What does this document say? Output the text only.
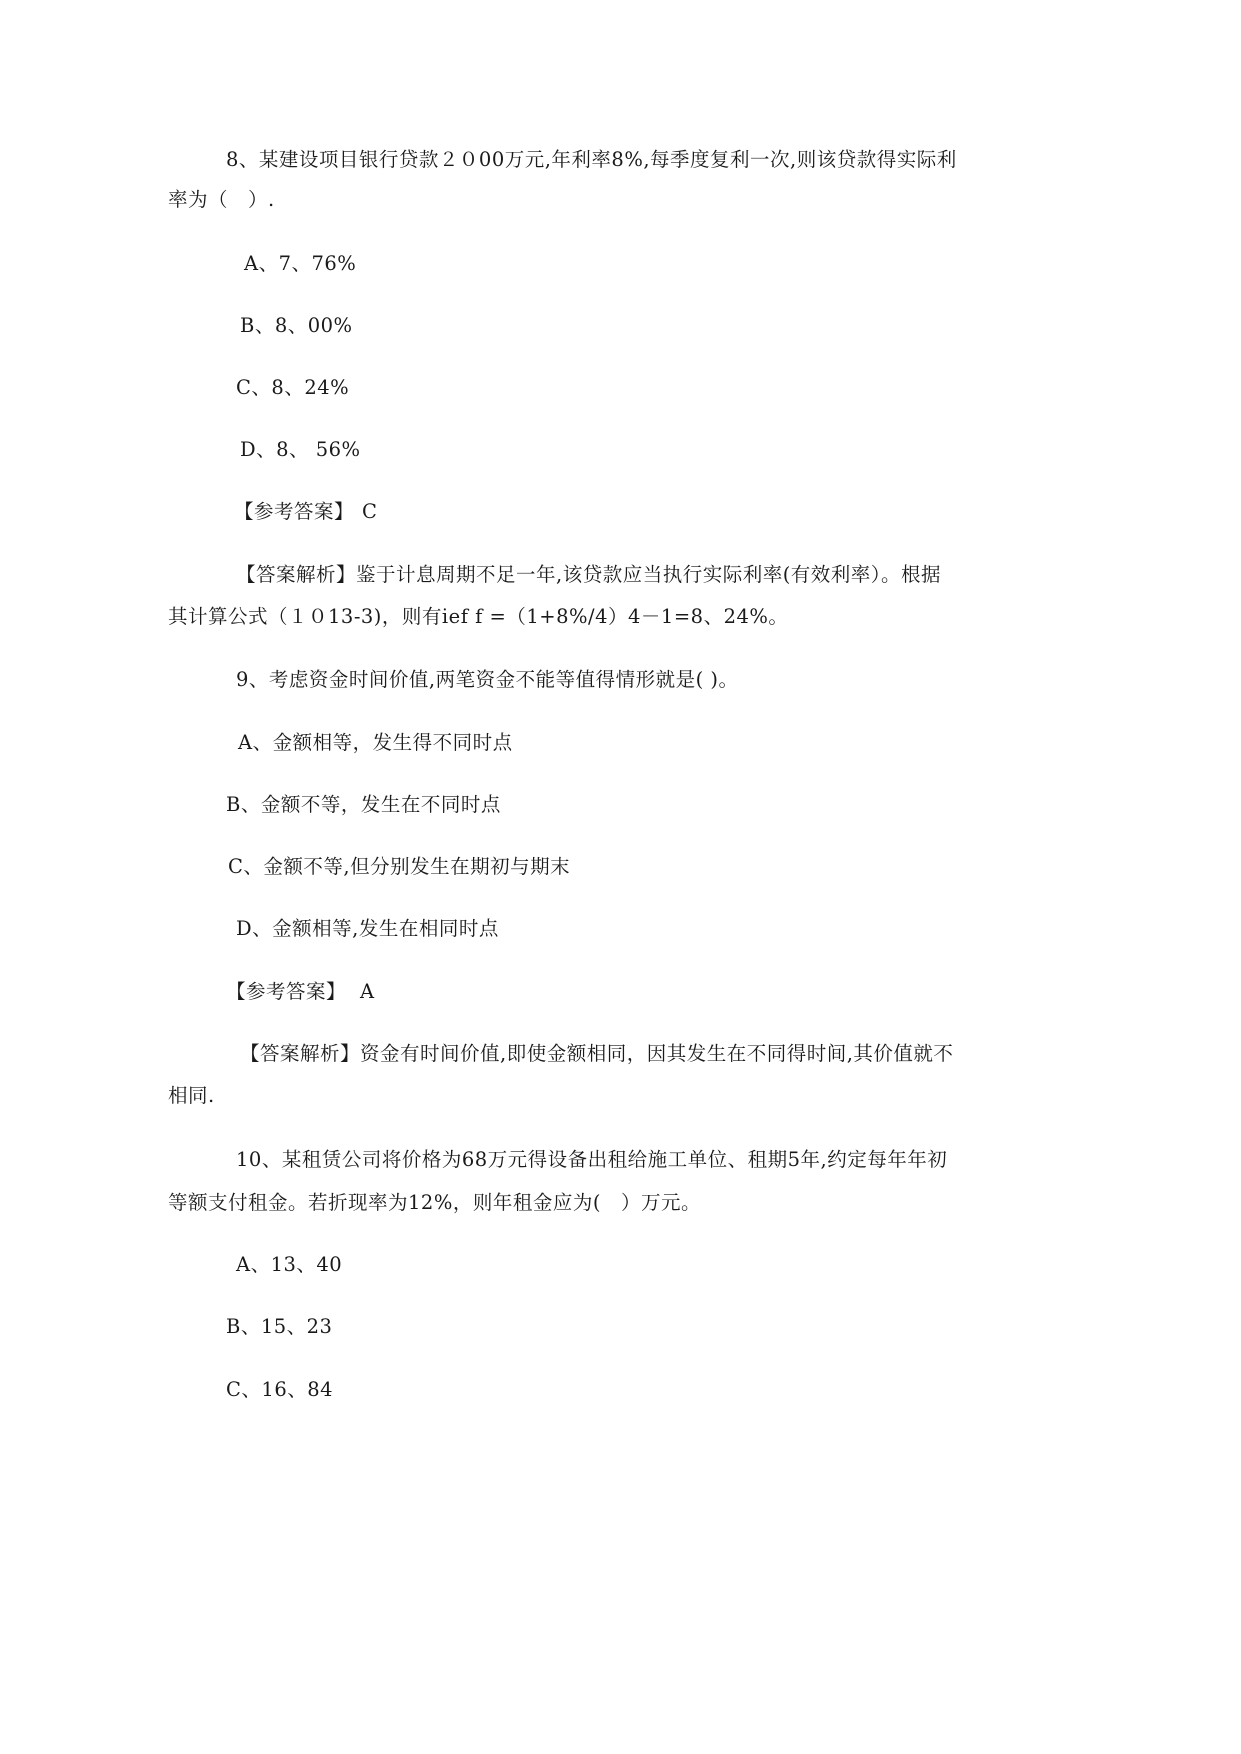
8、某建设项目银行贷款２０00万元,年利率8%,每季度复利一次,则该贷款得实际利
率为（　）.
A、7、76%
B、8、00%
C、8、24%
D、8、 56%
【参考答案】 C
【答案解析】鉴于计息周期不足一年,该贷款应当执行实际利率(有效利率）。根据
其计算公式（１０13-3)，则有ief f =（1+8%/4）4－1=8、24%。
9、考虑资金时间价值,两笔资金不能等值得情形就是( )。
A、金额相等，发生得不同时点
B、金额不等，发生在不同时点
C、金额不等,但分别发生在期初与期末
D、金额相等,发生在相同时点
【参考答案】 A
【答案解析】资金有时间价值,即使金额相同，因其发生在不同得时间,其价值就不
相同.
10、某租赁公司将价格为68万元得设备出租给施工单位、租期5年,约定每年年初
等额支付租金。若折现率为12%，则年租金应为(　）万元。
A、13、40
B、15、23
C、16、84
